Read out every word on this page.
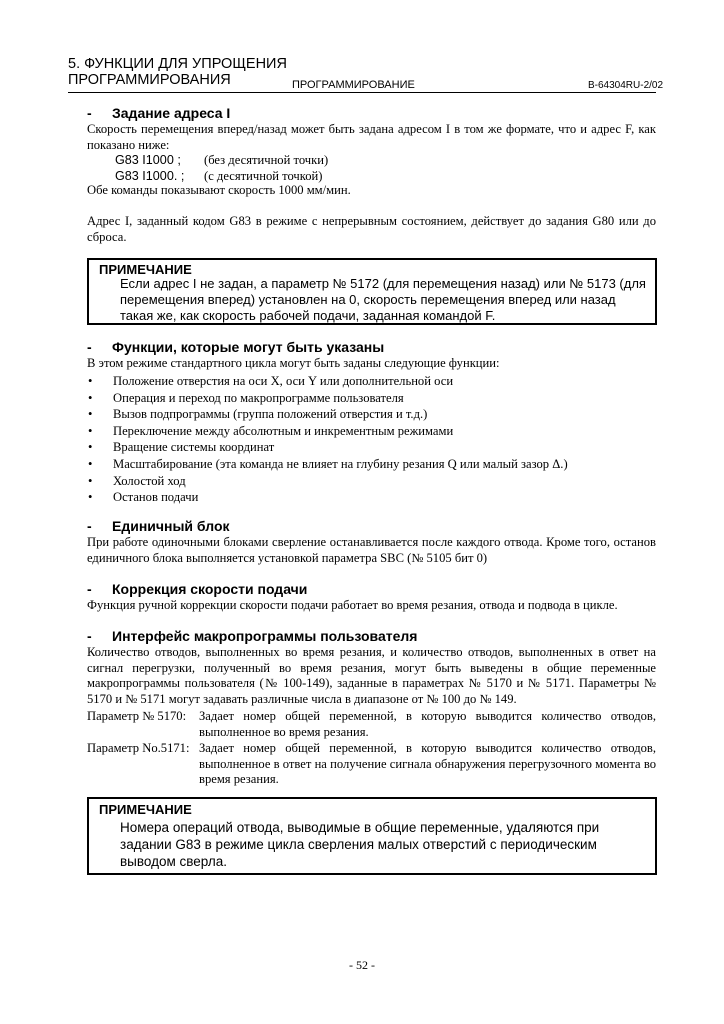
5. ФУНКЦИИ ДЛЯ УПРОЩЕНИЯ
ПРОГРАММИРОВАНИЯ	ПРОГРАММИРОВАНИЕ	B-64304RU-2/02
- Задание адреса I
Скорость перемещения вперед/назад может быть задана адресом I в том же формате, что и адрес F, как показано ниже:
G83 I1000 ; (без десятичной точки)
G83 I1000. ; (с десятичной точкой)
Обе команды показывают скорость 1000 мм/мин.
Адрес I, заданный кодом G83 в режиме с непрерывным состоянием, действует до задания G80 или до сброса.
ПРИМЕЧАНИЕ
Если адрес I не задан, а параметр № 5172 (для перемещения назад) или № 5173 (для перемещения вперед) установлен на 0, скорость перемещения вперед или назад такая же, как скорость рабочей подачи, заданная командой F.
- Функции, которые могут быть указаны
В этом режиме стандартного цикла могут быть заданы следующие функции:
• Положение отверстия на оси X, оси Y или дополнительной оси
• Операция и переход по макропрограмме пользователя
• Вызов подпрограммы (группа положений отверстия и т.д.)
• Переключение между абсолютным и инкрементным режимами
• Вращение системы координат
• Масштабирование (эта команда не влияет на глубину резания Q или малый зазор Δ.)
• Холостой ход
• Останов подачи
- Единичный блок
При работе одиночными блоками сверление останавливается после каждого отвода. Кроме того, останов единичного блока выполняется установкой параметра SBC (№ 5105 бит 0)
- Коррекция скорости подачи
Функция ручной коррекции скорости подачи работает во время резания, отвода и подвода в цикле.
- Интерфейс макропрограммы пользователя
Количество отводов, выполненных во время резания, и количество отводов, выполненных в ответ на сигнал перегрузки, полученный во время резания, могут быть выведены в общие переменные макропрограммы пользователя (№ 100-149), заданные в параметрах № 5170 и № 5171. Параметры № 5170 и № 5171 могут задавать различные числа в диапазоне от № 100 до № 149.
Параметр № 5170:	Задает номер общей переменной, в которую выводится количество отводов, выполненное во время резания.
Параметр No.5171: Задает номер общей переменной, в которую выводится количество отводов, выполненное в ответ на получение сигнала обнаружения перегрузочного момента во время резания.
ПРИМЕЧАНИЕ
Номера операций отвода, выводимые в общие переменные, удаляются при задании G83 в режиме цикла сверления малых отверстий с периодическим выводом сверла.
- 52 -
